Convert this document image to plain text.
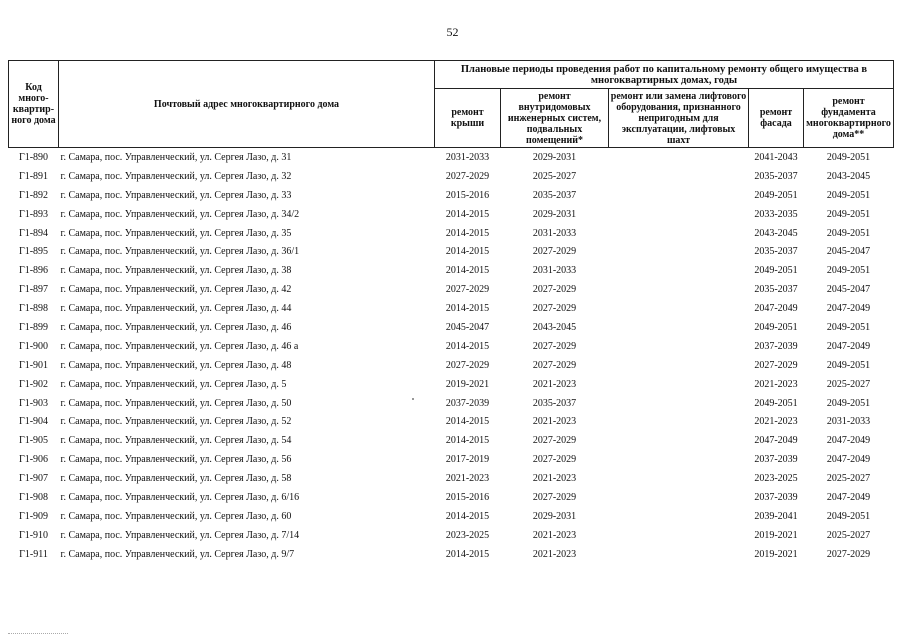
52
Код много-квартир-ного дома	Почтовый адрес многоквартирного дома	Плановые периоды проведения работ по капитальному ремонту общего имущества в многоквартирных домах, годы				
		ремонт крыши	ремонт внутридомовых инженерных систем, подвальных помещений*	ремонт или замена лифтового оборудования, признанного непригодным для эксплуатации, лифтовых шахт	ремонт фасада	ремонт фундамента многоквартирного дома**
Г1-890	г. Самара, пос. Управленческий, ул. Сергея Лазо, д. 31	2031-2033	2029-2031		2041-2043	2049-2051
Г1-891	г. Самара, пос. Управленческий, ул. Сергея Лазо, д. 32	2027-2029	2025-2027		2035-2037	2043-2045
Г1-892	г. Самара, пос. Управленческий, ул. Сергея Лазо, д. 33	2015-2016	2035-2037		2049-2051	2049-2051
Г1-893	г. Самара, пос. Управленческий, ул. Сергея Лазо, д. 34/2	2014-2015	2029-2031		2033-2035	2049-2051
Г1-894	г. Самара, пос. Управленческий, ул. Сергея Лазо, д. 35	2014-2015	2031-2033		2043-2045	2049-2051
Г1-895	г. Самара, пос. Управленческий, ул. Сергея Лазо, д. 36/1	2014-2015	2027-2029		2035-2037	2045-2047
Г1-896	г. Самара, пос. Управленческий, ул. Сергея Лазо, д. 38	2014-2015	2031-2033		2049-2051	2049-2051
Г1-897	г. Самара, пос. Управленческий, ул. Сергея Лазо, д. 42	2027-2029	2027-2029		2035-2037	2045-2047
Г1-898	г. Самара, пос. Управленческий, ул. Сергея Лазо, д. 44	2014-2015	2027-2029		2047-2049	2047-2049
Г1-899	г. Самара, пос. Управленческий, ул. Сергея Лазо, д. 46	2045-2047	2043-2045		2049-2051	2049-2051
Г1-900	г. Самара, пос. Управленческий, ул. Сергея Лазо, д. 46 а	2014-2015	2027-2029		2037-2039	2047-2049
Г1-901	г. Самара, пос. Управленческий, ул. Сергея Лазо, д. 48	2027-2029	2027-2029		2027-2029	2049-2051
Г1-902	г. Самара, пос. Управленческий, ул. Сергея Лазо, д. 5	2019-2021	2021-2023		2021-2023	2025-2027
Г1-903	г. Самара, пос. Управленческий, ул. Сергея Лазо, д. 50	2037-2039	2035-2037		2049-2051	2049-2051
Г1-904	г. Самара, пос. Управленческий, ул. Сергея Лазо, д. 52	2014-2015	2021-2023		2021-2023	2031-2033
Г1-905	г. Самара, пос. Управленческий, ул. Сергея Лазо, д. 54	2014-2015	2027-2029		2047-2049	2047-2049
Г1-906	г. Самара, пос. Управленческий, ул. Сергея Лазо, д. 56	2017-2019	2027-2029		2037-2039	2047-2049
Г1-907	г. Самара, пос. Управленческий, ул. Сергея Лазо, д. 58	2021-2023	2021-2023		2023-2025	2025-2027
Г1-908	г. Самара, пос. Управленческий, ул. Сергея Лазо, д. 6/16	2015-2016	2027-2029		2037-2039	2047-2049
Г1-909	г. Самара, пос. Управленческий, ул. Сергея Лазо, д. 60	2014-2015	2029-2031		2039-2041	2049-2051
Г1-910	г. Самара, пос. Управленческий, ул. Сергея Лазо, д. 7/14	2023-2025	2021-2023		2019-2021	2025-2027
Г1-911	г. Самара, пос. Управленческий, ул. Сергея Лазо, д. 9/7	2014-2015	2021-2023		2019-2021	2027-2029
